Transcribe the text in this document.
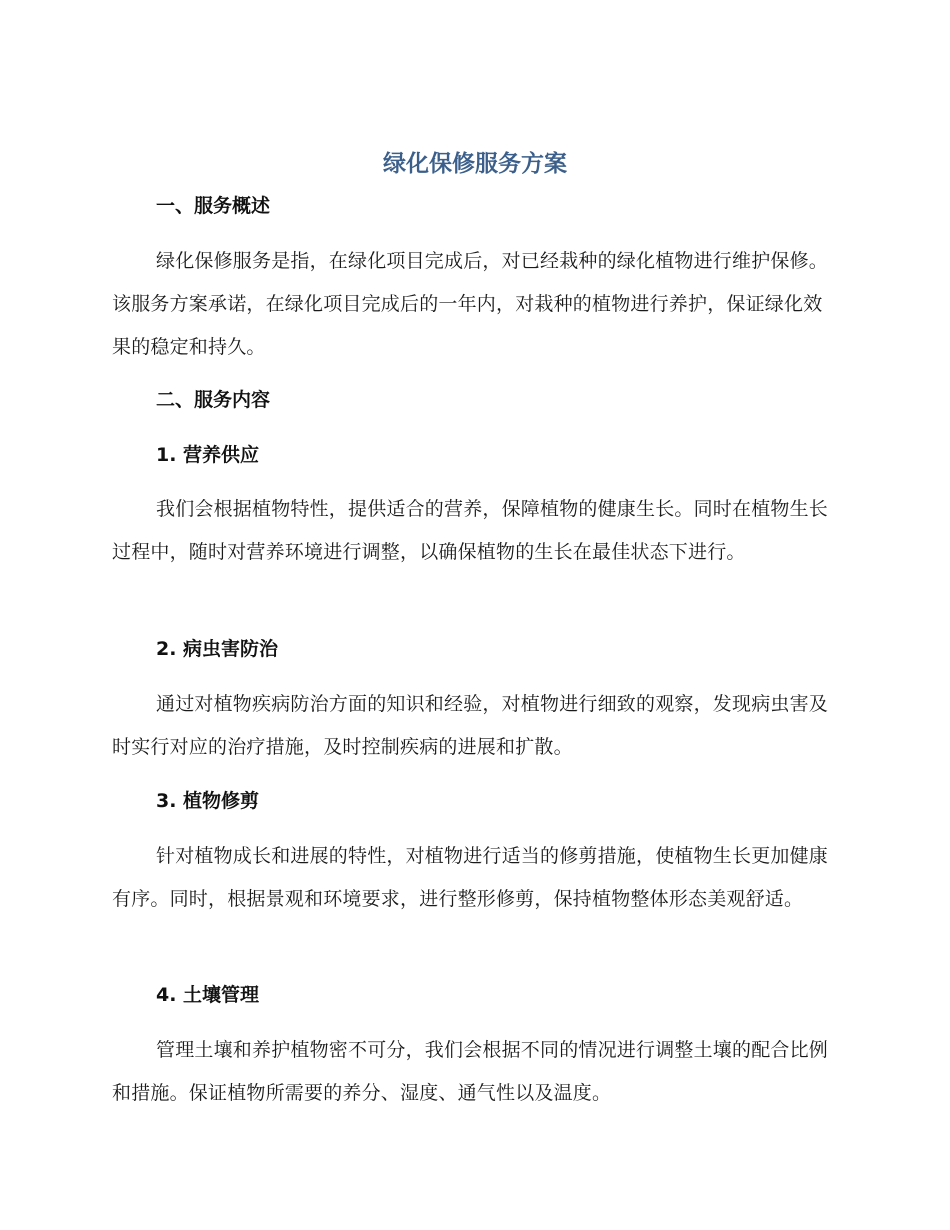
绿化保修服务方案
一、服务概述

绿化保修服务是指，在绿化项目完成后，对已经栽种的绿化植物进行维护保修。该服务方案承诺，在绿化项目完成后的一年内，对栽种的植物进行养护，保证绿化效果的稳定和持久。

二、服务内容
1. 营养供应

我们会根据植物特性，提供适合的营养，保障植物的健康生长。同时在植物生长过程中，随时对营养环境进行调整，以确保植物的生长在最佳状态下进行。

2. 病虫害防治

通过对植物疾病防治方面的知识和经验，对植物进行细致的观察，发现病虫害及时实行对应的治疗措施，及时控制疾病的进展和扩散。

3. 植物修剪

针对植物成长和进展的特性，对植物进行适当的修剪措施，使植物生长更加健康有序。同时，根据景观和环境要求，进行整形修剪，保持植物整体形态美观舒适。

4. 土壤管理

管理土壤和养护植物密不可分，我们会根据不同的情况进行调整土壤的配合比例和措施。保证植物所需要的养分、湿度、通气性以及温度。
